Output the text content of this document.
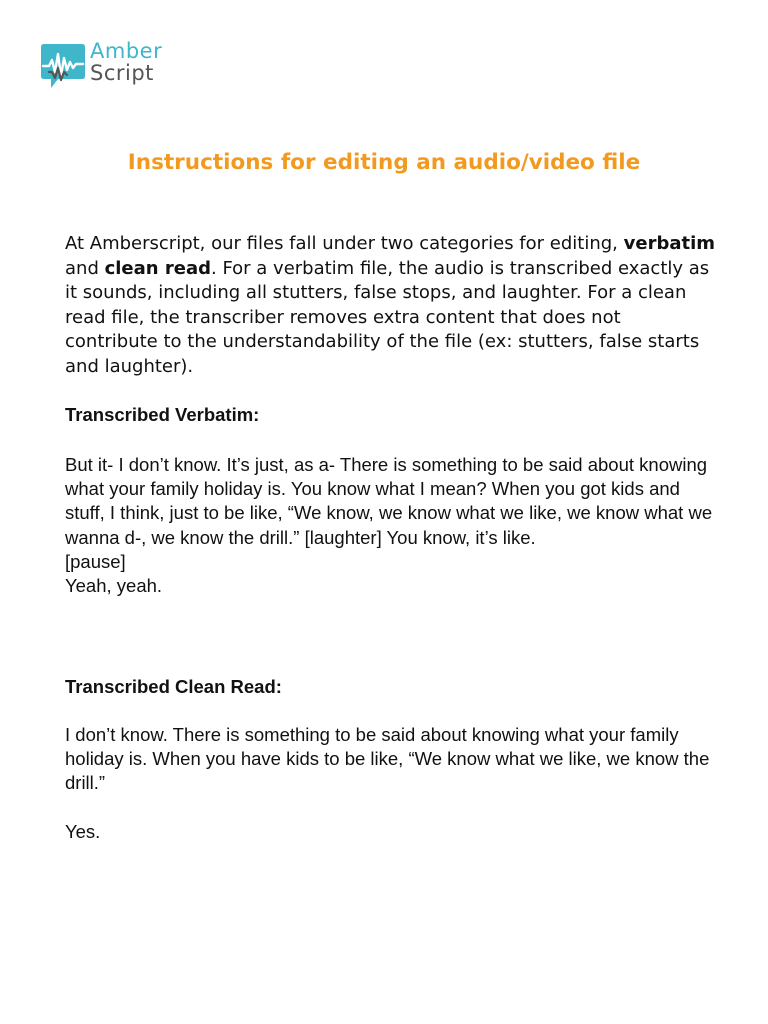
Amber
Script
Instructions for editing an audio/video file

At Amberscript, our files fall under two categories for editing, verbatim and clean read. For a verbatim file, the audio is transcribed exactly as it sounds, including all stutters, false stops, and laughter. For a clean read file, the transcriber removes extra content that does not contribute to the understandability of the file (ex: stutters, false starts and laughter).

Transcribed Verbatim:
But it- I don’t know. It’s just, as a- There is something to be said about knowing what your family holiday is. You know what I mean? When you got kids and stuff, I think, just to be like, “We know, we know what we like, we know what we wanna d-, we know the drill.” [laughter] You know, it’s like.
[pause]
Yeah, yeah.
Transcribed Clean Read:
I don’t know. There is something to be said about knowing what your family holiday is. When you have kids to be like, “We know what we like, we know the drill.”
Yes.
